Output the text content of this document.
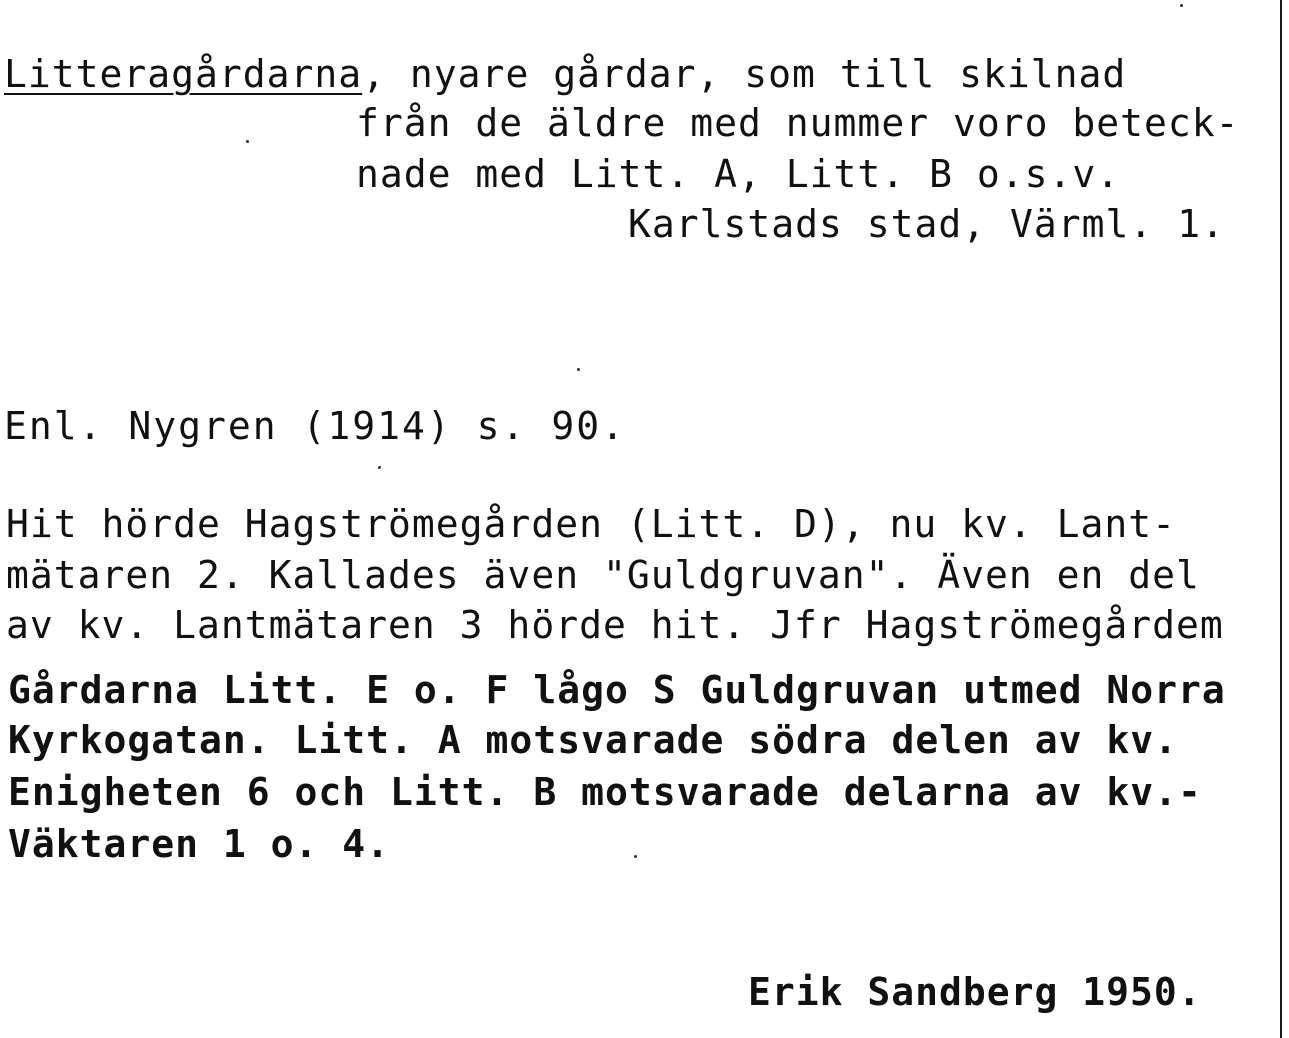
Litteragårdarna, nyare gårdar, som till skilnad
från de äldre med nummer voro beteck-
nade med Litt. A, Litt. B o.s.v.
Karlstads stad, Värml. 1.
Enl. Nygren (1914) s. 90.
Hit hörde Hagströmegården (Litt. D), nu kv. Lant-
mätaren 2. Kallades även "Guldgruvan". Även en del
av kv. Lantmätaren 3 hörde hit. Jfr Hagströmegårdem
Gårdarna Litt. E o. F lågo S Guldgruvan utmed Norra
Kyrkogatan. Litt. A motsvarade södra delen av kv.
Enigheten 6 och Litt. B motsvarade delarna av kv.-
Väktaren 1 o. 4.
Erik Sandberg 1950.
